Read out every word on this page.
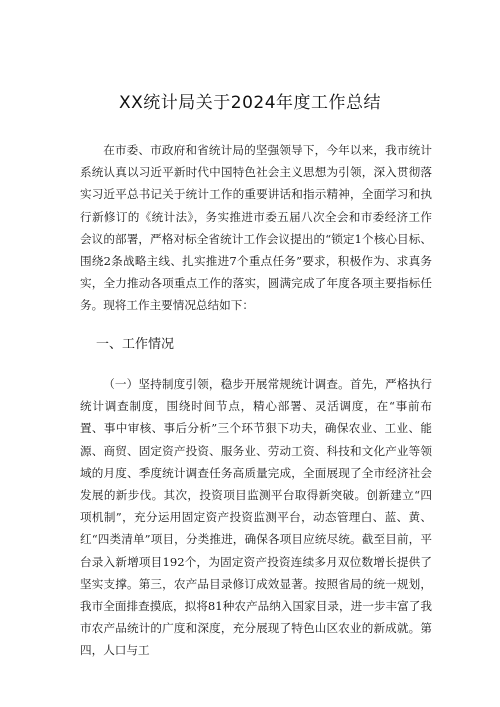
XX统计局关于2024年度工作总结

在市委、市政府和省统计局的坚强领导下，今年以来，我市统计系统认真以习近平新时代中国特色社会主义思想为引领，深入贯彻落实习近平总书记关于统计工作的重要讲话和指示精神，全面学习和执行新修订的《统计法》，务实推进市委五届八次全会和市委经济工作会议的部署，严格对标全省统计工作会议提出的“锁定1个核心目标、围绕2条战略主线、扎实推进7个重点任务”要求，积极作为、求真务实，全力推动各项重点工作的落实，圆满完成了年度各项主要指标任务。现将工作主要情况总结如下：

一、工作情况

（一）坚持制度引领，稳步开展常规统计调查。首先，严格执行统计调查制度，围绕时间节点，精心部署、灵活调度，在“事前布置、事中审核、事后分析”三个环节狠下功夫，确保农业、工业、能源、商贸、固定资产投资、服务业、劳动工资、科技和文化产业等领域的月度、季度统计调查任务高质量完成，全面展现了全市经济社会发展的新步伐。其次，投资项目监测平台取得新突破。创新建立“四项机制”，充分运用固定资产投资监测平台，动态管理白、蓝、黄、红“四类清单”项目，分类推进，确保各项目应统尽统。截至目前，平台录入新增项目192个，为固定资产投资连续多月双位数增长提供了坚实支撑。第三，农产品目录修订成效显著。按照省局的统一规划，我市全面排查摸底，拟将81种农产品纳入国家目录，进一步丰富了我市农产品统计的广度和深度，充分展现了特色山区农业的新成就。第四，人口与工
